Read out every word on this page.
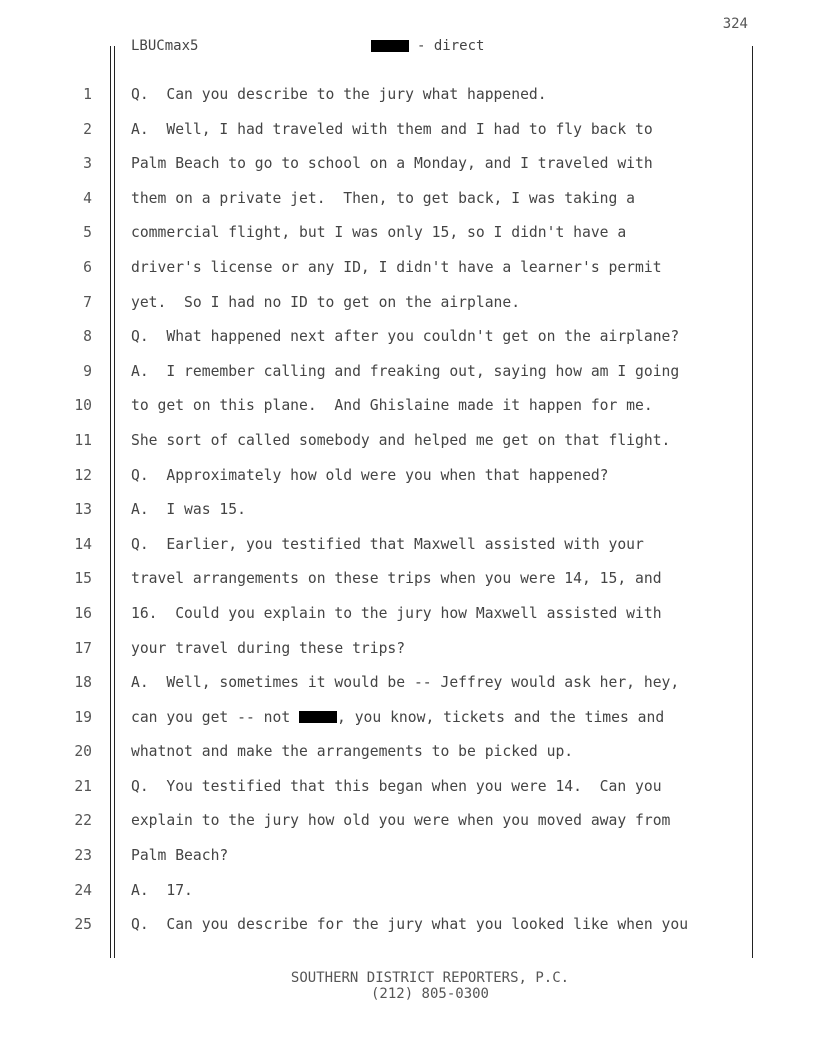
324
LBUCmax5	- direct
1	Q.  Can you describe to the jury what happened.
2	A.  Well, I had traveled with them and I had to fly back to
3	Palm Beach to go to school on a Monday, and I traveled with
4	them on a private jet.  Then, to get back, I was taking a
5	commercial flight, but I was only 15, so I didn't have a
6	driver's license or any ID, I didn't have a learner's permit
7	yet.  So I had no ID to get on the airplane.
8	Q.  What happened next after you couldn't get on the airplane?
9	A.  I remember calling and freaking out, saying how am I going
10	to get on this plane.  And Ghislaine made it happen for me.
11	She sort of called somebody and helped me get on that flight.
12	Q.  Approximately how old were you when that happened?
13	A.  I was 15.
14	Q.  Earlier, you testified that Maxwell assisted with your
15	travel arrangements on these trips when you were 14, 15, and
16	16.  Could you explain to the jury how Maxwell assisted with
17	your travel during these trips?
18	A.  Well, sometimes it would be -- Jeffrey would ask her, hey,
19	can you get -- not	, you know, tickets and the times and
20	whatnot and make the arrangements to be picked up.
21	Q.  You testified that this began when you were 14.  Can you
22	explain to the jury how old you were when you moved away from
23	Palm Beach?
24	A.  17.
25	Q.  Can you describe for the jury what you looked like when you
SOUTHERN DISTRICT REPORTERS, P.C.
(212) 805-0300
